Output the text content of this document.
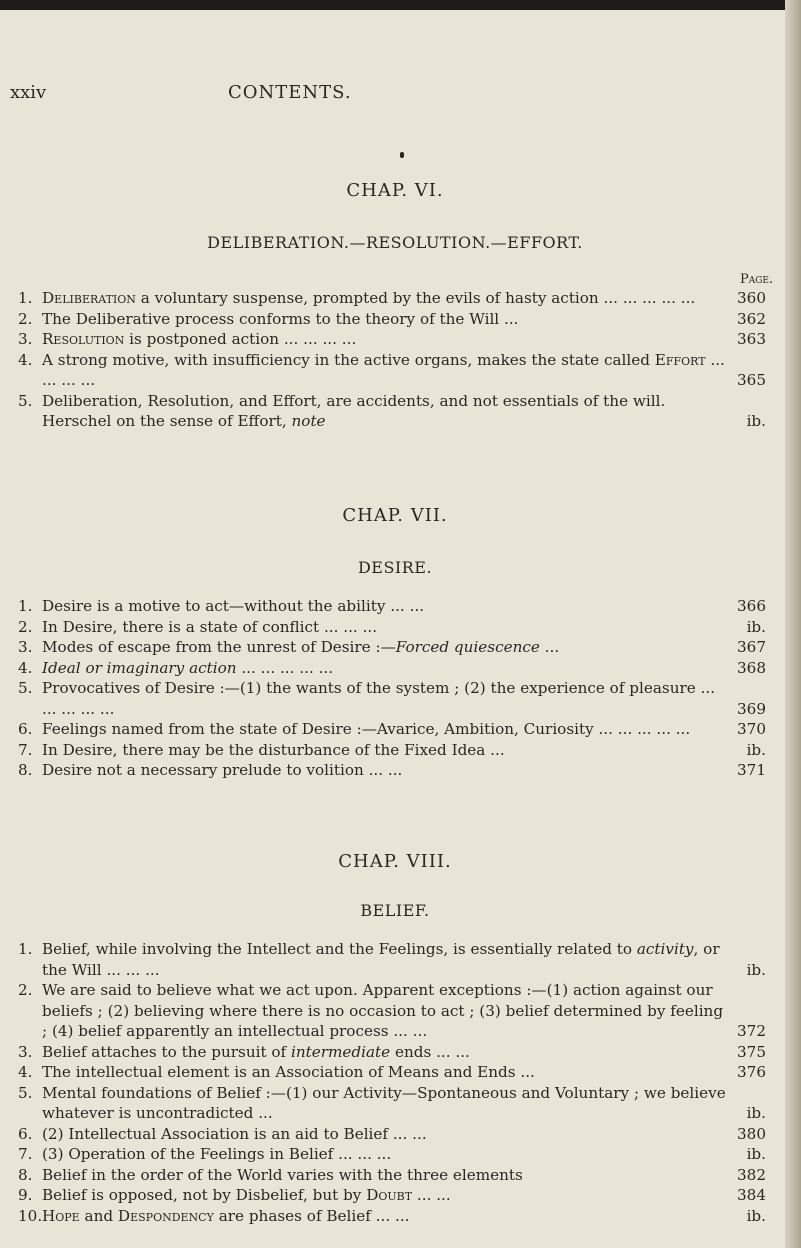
xxiv	CONTENTS.
CHAP. VI.
DELIBERATION.—RESOLUTION.—EFFORT.
Page.
1. Deliberation a voluntary suspense, prompted by the evils of hasty action ... ... ... ... ...	360
2. The Deliberative process conforms to the theory of the Will ...	362
3. Resolution is postponed action ... ... ... ...	363
4. A strong motive, with insufficiency in the active organs, makes the state called Effort ... ... ... ...	365
5. Deliberation, Resolution, and Effort, are accidents, and not essentials of the will. Herschel on the sense of Effort, note	ib.
CHAP. VII.
DESIRE.
1. Desire is a motive to act—without the ability ... ...	366
2. In Desire, there is a state of conflict ... ... ...	ib.
3. Modes of escape from the unrest of Desire :—Forced quiescence ...	367
4. Ideal or imaginary action ... ... ... ... ...	368
5. Provocatives of Desire :—(1) the wants of the system ; (2) the experience of pleasure ... ... ... ... ...	369
6. Feelings named from the state of Desire :—Avarice, Ambition, Curiosity ... ... ... ... ...	370
7. In Desire, there may be the disturbance of the Fixed Idea ...	ib.
8. Desire not a necessary prelude to volition ... ...	371
CHAP. VIII.
BELIEF.
1. Belief, while involving the Intellect and the Feelings, is essentially related to activity, or the Will ... ... ...	ib.
2. We are said to believe what we act upon. Apparent exceptions :—(1) action against our beliefs ; (2) believing where there is no occasion to act ; (3) belief determined by feeling ; (4) belief apparently an intellectual process ... ...	372
3. Belief attaches to the pursuit of intermediate ends ... ...	375
4. The intellectual element is an Association of Means and Ends ...	376
5. Mental foundations of Belief :—(1) our Activity—Spontaneous and Voluntary ; we believe whatever is uncontradicted ...	ib.
6. (2) Intellectual Association is an aid to Belief ... ...	380
7. (3) Operation of the Feelings in Belief ... ... ...	ib.
8. Belief in the order of the World varies with the three elements	382
9. Belief is opposed, not by Disbelief, but by Doubt ... ...	384
10. Hope and Despondency are phases of Belief ... ...	ib.
